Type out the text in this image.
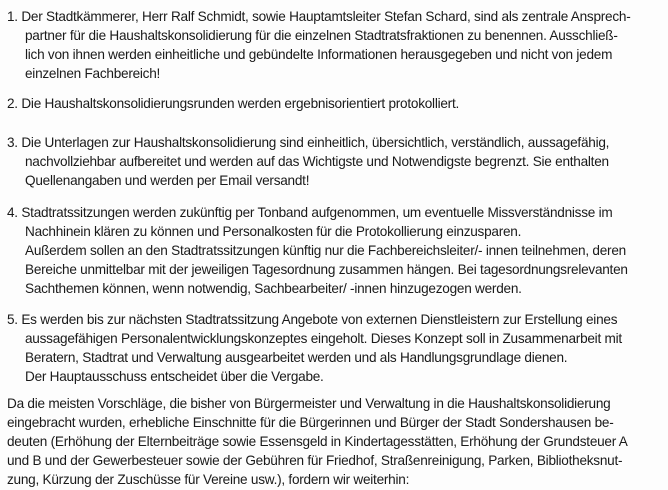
1. Der Stadtkämmerer, Herr Ralf Schmidt, sowie Hauptamtsleiter Stefan Schard, sind als zentrale Ansprech-
partner für die Haushaltskonsolidierung für die einzelnen Stadtratsfraktionen zu benennen. Ausschließ-
lich von ihnen werden einheitliche und gebündelte Informationen herausgegeben und nicht von jedem
einzelnen Fachbereich!
2. Die Haushaltskonsolidierungsrunden werden ergebnisorientiert protokolliert.
3. Die Unterlagen zur Haushaltskonsolidierung sind einheitlich, übersichtlich, verständlich, aussagefähig,
nachvollziehbar aufbereitet und werden auf das Wichtigste und Notwendigste begrenzt. Sie enthalten
Quellenangaben und werden per Email versandt!
4. Stadtratssitzungen werden zukünftig per Tonband aufgenommen, um eventuelle Missverständnisse im
Nachhinein klären zu können und Personalkosten für die Protokollierung einzusparen.
Außerdem sollen an den Stadtratssitzungen künftig nur die Fachbereichsleiter/- innen teilnehmen, deren
Bereiche unmittelbar mit der jeweiligen Tagesordnung zusammen hängen. Bei tagesordnungsrelevanten
Sachthemen können, wenn notwendig, Sachbearbeiter/ -innen hinzugezogen werden.
5. Es werden bis zur nächsten Stadtratssitzung Angebote von externen Dienstleistern zur Erstellung eines
aussagefähigen Personalentwicklungskonzeptes eingeholt. Dieses Konzept soll in Zusammenarbeit mit
Beratern, Stadtrat und Verwaltung ausgearbeitet werden und als Handlungsgrundlage dienen.
Der Hauptausschuss entscheidet über die Vergabe.
Da die meisten Vorschläge, die bisher von Bürgermeister und Verwaltung in die Haushaltskonsolidierung
eingebracht wurden, erhebliche Einschnitte für die Bürgerinnen und Bürger der Stadt Sondershausen be-
deuten (Erhöhung der Elternbeiträge sowie Essensgeld in Kindertagesstätten, Erhöhung der Grundsteuer A
und B und der Gewerbesteuer sowie der Gebühren für Friedhof, Straßenreinigung, Parken, Bibliotheksnut-
zung, Kürzung der Zuschüsse für Vereine usw.), fordern wir weiterhin:
